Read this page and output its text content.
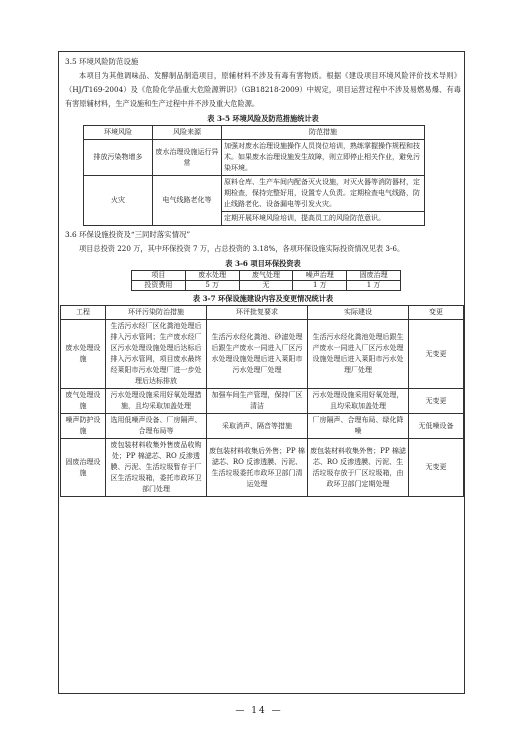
3.5 环境风险防范设施

本项目为其他调味品、发酵制品制造项目，原辅材料不涉及有毒有害物质。根据《建设项目环境风险评价技术导则》（HJ/T169-2004）及《危险化学品重大危险源辨识》（GB18218-2009）中规定，项目运营过程中不涉及易燃易爆、有毒有害原辅材料，生产设施和生产过程中并不涉及重大危险源。

表 3-5 环境风险及防范措施统计表

环境风险	风险来源	防范措施
排放污染物增多	废水治理设施运行异常	加强对废水治理设施操作人员岗位培训，熟练掌握操作规程和技术。如果废水治理设施发生故障，则立即停止相关作业，避免污染环境。
火灾	电气线路老化等	原料仓库、生产车间内配备灭火设施，对灭火器等消防器材，定期检查，保持完整好用，设置专人负责。定期检查电气线路，防止线路老化、设备漏电等引发火灾。
		定期开展环境风险培训，提高员工的风险防范意识。

3.6 环保设施投资及“三同时落实情况”

项目总投资 220 万，其中环保投资 7 万，占总投资的 3.18%，各项环保设施实际投资情况见表 3-6。

表 3-6 项目环保投资表

项目	废水处理	废气处理	噪声治理	固废治理
投资费用	5 万	无	1 万	1 万

表 3-7 环保设施建设内容及变更情况统计表

工程	环评污染防治措施	环评批复要求	实际建设	变更
废水处理设施	生活污水经厂区化粪池处理后排入污水管网；生产废水经厂区污水处理设施处理后达标后排入污水管网，项目废水最终经莱阳市污水处理厂进一步处理后达标排放	生活污水经化粪池、砂滤处理后跟生产废水一同进入厂区污水处理设施处理后进入莱阳市污水处理厂处理	生活污水经化粪池处理后跟生产废水一同进入厂区污水处理设施处理后进入莱阳市污水处理厂处理	无变更
废气处理设施	污水处理设施采用好氧处理措施，且均采取加盖处理	加强车间生产管理，保持厂区清洁	污水处理设施采用好氧处理，且均采取加盖处理	无变更
噪声防护设施	选用低噪声设备、厂房隔声、合理布局等	采取消声、隔音等措施	厂房隔声、合理布局、绿化降噪	无低噪设备
固废治理设施	废包装材料收集外售废品收购处；PP 棉滤芯、RO 反渗透膜、污泥、生活垃圾暂存于厂区生活垃圾箱，委托市政环卫部门处理	废包装材料收集后外售；PP 棉滤芯、RO 反渗透膜、污泥、生活垃圾委托市政环卫部门清运处理	废包装材料收集外售；PP 棉滤芯、RO 反渗透膜、污泥、生活垃圾存放于厂区垃圾箱，由政环卫部门定期处理	无变更
— 14 —
